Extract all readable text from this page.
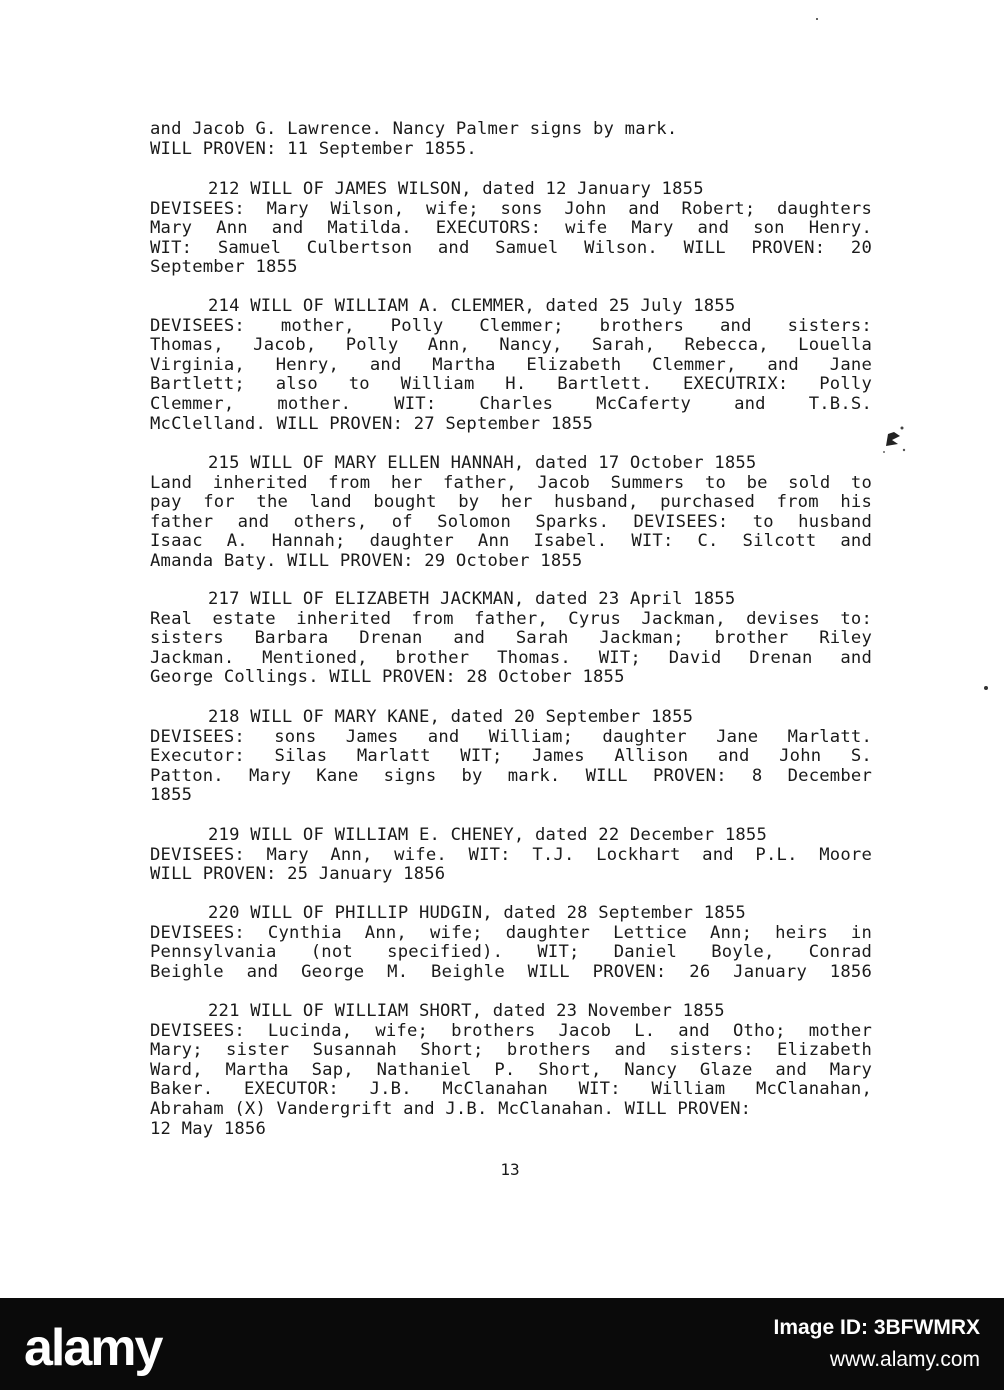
and Jacob G. Lawrence. Nancy Palmer signs by mark.
WILL PROVEN: 11 September 1855.
212 WILL OF JAMES WILSON, dated 12 January 1855
DEVISEES: Mary Wilson, wife; sons John and Robert; daughters
Mary Ann and Matilda. EXECUTORS: wife Mary and son Henry.
WIT: Samuel Culbertson and Samuel Wilson. WILL PROVEN: 20
September 1855
214 WILL OF WILLIAM A. CLEMMER, dated 25 July 1855
DEVISEES: mother, Polly Clemmer; brothers and sisters:
Thomas, Jacob, Polly Ann, Nancy, Sarah, Rebecca, Louella
Virginia, Henry, and Martha Elizabeth Clemmer, and Jane
Bartlett; also to William H. Bartlett. EXECUTRIX: Polly
Clemmer, mother. WIT: Charles McCaferty and T.B.S.
McClelland. WILL PROVEN: 27 September 1855
215 WILL OF MARY ELLEN HANNAH, dated 17 October 1855
Land inherited from her father, Jacob Summers to be sold to
pay for the land bought by her husband, purchased from his
father and others, of Solomon Sparks. DEVISEES: to husband
Isaac A. Hannah; daughter Ann Isabel. WIT: C. Silcott and
Amanda Baty. WILL PROVEN: 29 October 1855
217 WILL OF ELIZABETH JACKMAN, dated 23 April 1855
Real estate inherited from father, Cyrus Jackman, devises to:
sisters Barbara Drenan and Sarah Jackman; brother Riley
Jackman. Mentioned, brother Thomas. WIT; David Drenan and
George Collings. WILL PROVEN: 28 October 1855
218 WILL OF MARY KANE, dated 20 September 1855
DEVISEES: sons James and William; daughter Jane Marlatt.
Executor: Silas Marlatt WIT; James Allison and John S.
Patton. Mary Kane signs by mark. WILL PROVEN: 8 December
1855
219 WILL OF WILLIAM E. CHENEY, dated 22 December 1855
DEVISEES: Mary Ann, wife. WIT: T.J. Lockhart and P.L. Moore
WILL PROVEN: 25 January 1856
220 WILL OF PHILLIP HUDGIN, dated 28 September 1855
DEVISEES: Cynthia Ann, wife; daughter Lettice Ann; heirs in
Pennsylvania (not specified). WIT; Daniel Boyle, Conrad
Beighle and George M. Beighle WILL PROVEN: 26 January 1856
221 WILL OF WILLIAM SHORT, dated 23 November 1855
DEVISEES: Lucinda, wife; brothers Jacob L. and Otho; mother
Mary; sister Susannah Short; brothers and sisters: Elizabeth
Ward, Martha Sap, Nathaniel P. Short, Nancy Glaze and Mary
Baker. EXECUTOR: J.B. McClanahan WIT: William McClanahan,
Abraham (X) Vandergrift and J.B. McClanahan. WILL PROVEN:
12 May 1856
13
alamy	Image ID: 3BFWMRX
www.alamy.com
